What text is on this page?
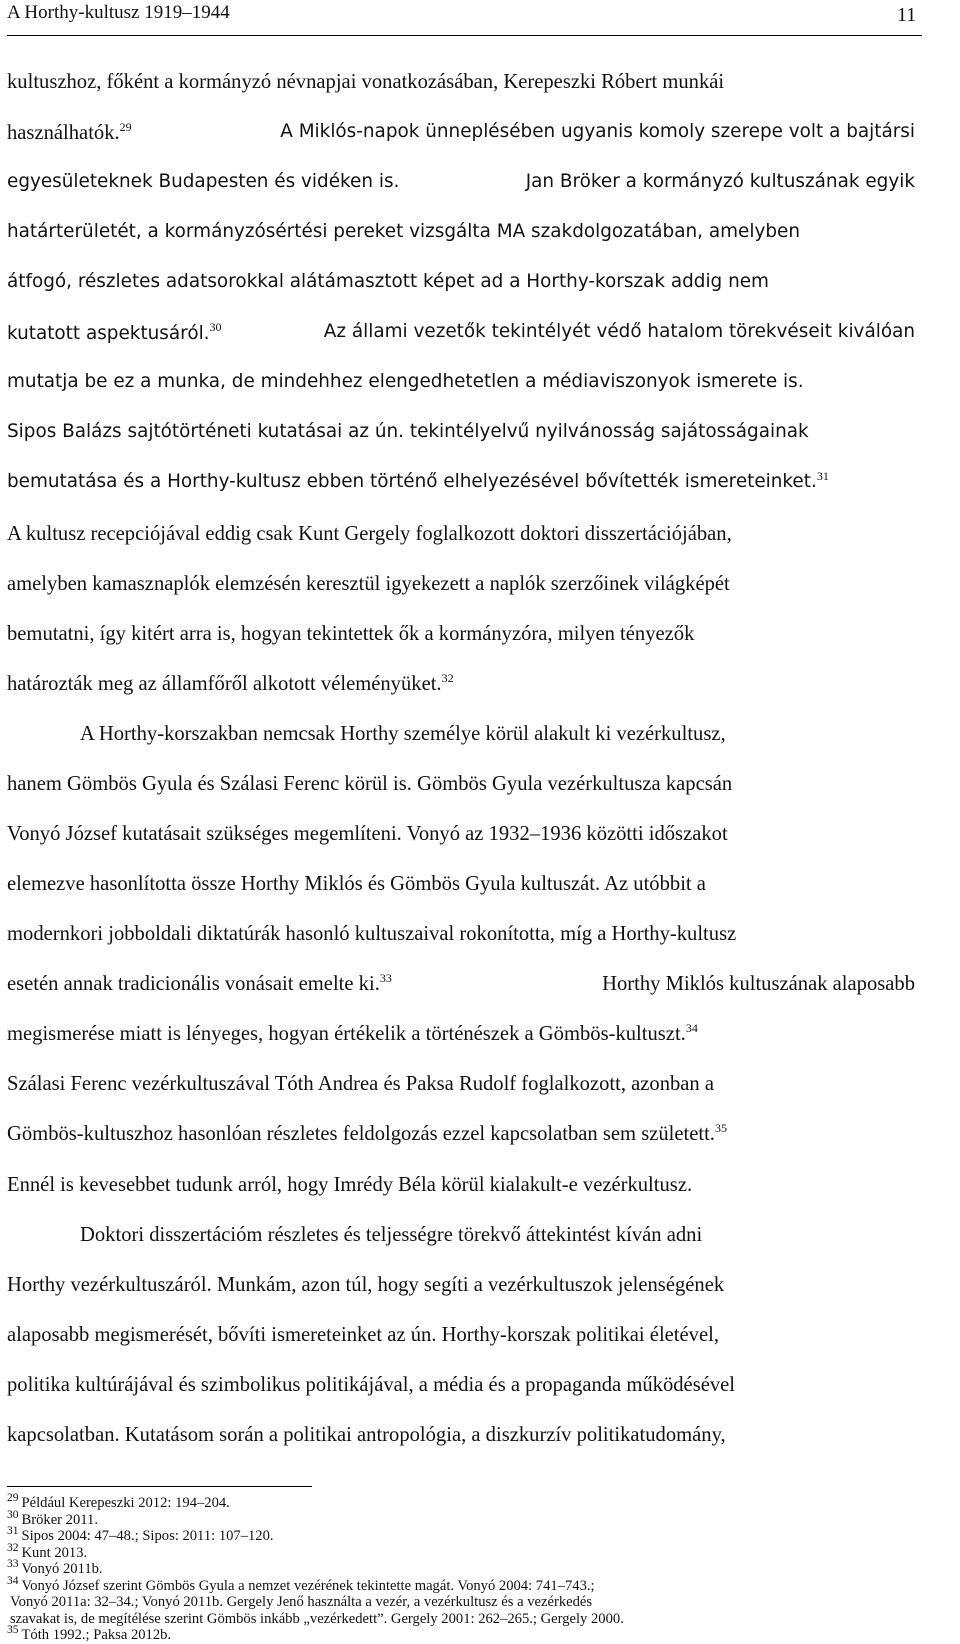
A Horthy-kultusz 1919–1944	11
kultuszhoz, főként a kormányzó névnapjai vonatkozásában, Kerepeszki Róbert munkái
használhatók.$^{29}$	A Miklós-napok ünneplésében ugyanis komoly szerepe volt a bajtársi
egyesületeknek Budapesten és vidéken is.	Jan Bröker a kormányzó kultuszának egyik
határterületét, a kormányzósértési pereket vizsgálta MA szakdolgozatában, amelyben
átfogó, részletes adatsorokkal alátámasztott képet ad a Horthy-korszak addig nem
kutatott aspektusáról.$^{30}$	Az állami vezetők tekintélyét védő hatalom törekvéseit kiválóan
mutatja be ez a munka, de mindehhez elengedhetetlen a médiaviszonyok ismerete is.
Sipos Balázs sajtótörténeti kutatásai az ún. tekintélyelvű nyilvánosság sajátosságainak
bemutatása és a Horthy-kultusz ebben történő elhelyezésével bővítették ismereteinket.$^{31}$
A kultusz recepciójával eddig csak Kunt Gergely foglalkozott doktori disszertációjában,
amelyben kamasznaplók elemzésén keresztül igyekezett a naplók szerzőinek világképét
bemutatni, így kitért arra is, hogyan tekintettek ők a kormányzóra, milyen tényezők
határozták meg az államfőről alkotott véleményüket.$^{32}$
A Horthy-korszakban nemcsak Horthy személye körül alakult ki vezérkultusz,
hanem Gömbös Gyula és Szálasi Ferenc körül is. Gömbös Gyula vezérkultusza kapcsán
Vonyó József kutatásait szükséges megemlíteni. Vonyó az 1932–1936 közötti időszakot
elemezve hasonlította össze Horthy Miklós és Gömbös Gyula kultuszát. Az utóbbit a
modernkori jobboldali diktatúrák hasonló kultuszaival rokonította, míg a Horthy-kultusz
esetén annak tradicionális vonásait emelte ki.$^{33}$	Horthy Miklós kultuszának alaposabb
megismerése miatt is lényeges, hogyan értékelik a történészek a Gömbös-kultuszt.$^{34}$
Szálasi Ferenc vezérkultuszával Tóth Andrea és Paksa Rudolf foglalkozott, azonban a
Gömbös-kultuszhoz hasonlóan részletes feldolgozás ezzel kapcsolatban sem született.$^{35}$
Ennél is kevesebbet tudunk arról, hogy Imrédy Béla körül kialakult-e vezérkultusz.
Doktori disszertációm részletes és teljességre törekvő áttekintést kíván adni
Horthy vezérkultuszáról. Munkám, azon túl, hogy segíti a vezérkultuszok jelenségének
alaposabb megismerését, bővíti ismereteinket az ún. Horthy-korszak politikai életével,
politika kultúrájával és szimbolikus politikájával, a média és a propaganda működésével
kapcsolatban. Kutatásom során a politikai antropológia, a diszkurzív politikatudomány,
$^{29}$ Például Kerepeszki 2012: 194–204.
$^{30}$ Bröker 2011.
$^{31}$ Sipos 2004: 47–48.; Sipos: 2011: 107–120.
$^{32}$ Kunt 2013.
$^{33}$ Vonyó 2011b.
$^{34}$ Vonyó József szerint Gömbös Gyula a nemzet vezérének tekintette magát. Vonyó 2004: 741–743.;
Vonyó 2011a: 32–34.; Vonyó 2011b. Gergely Jenő használta a vezér, a vezérkultusz és a vezérkedés
szavakat is, de megítélése szerint Gömbös inkább „vezérkedett”. Gergely 2001: 262–265.; Gergely 2000.
$^{35}$ Tóth 1992.; Paksa 2012b.
